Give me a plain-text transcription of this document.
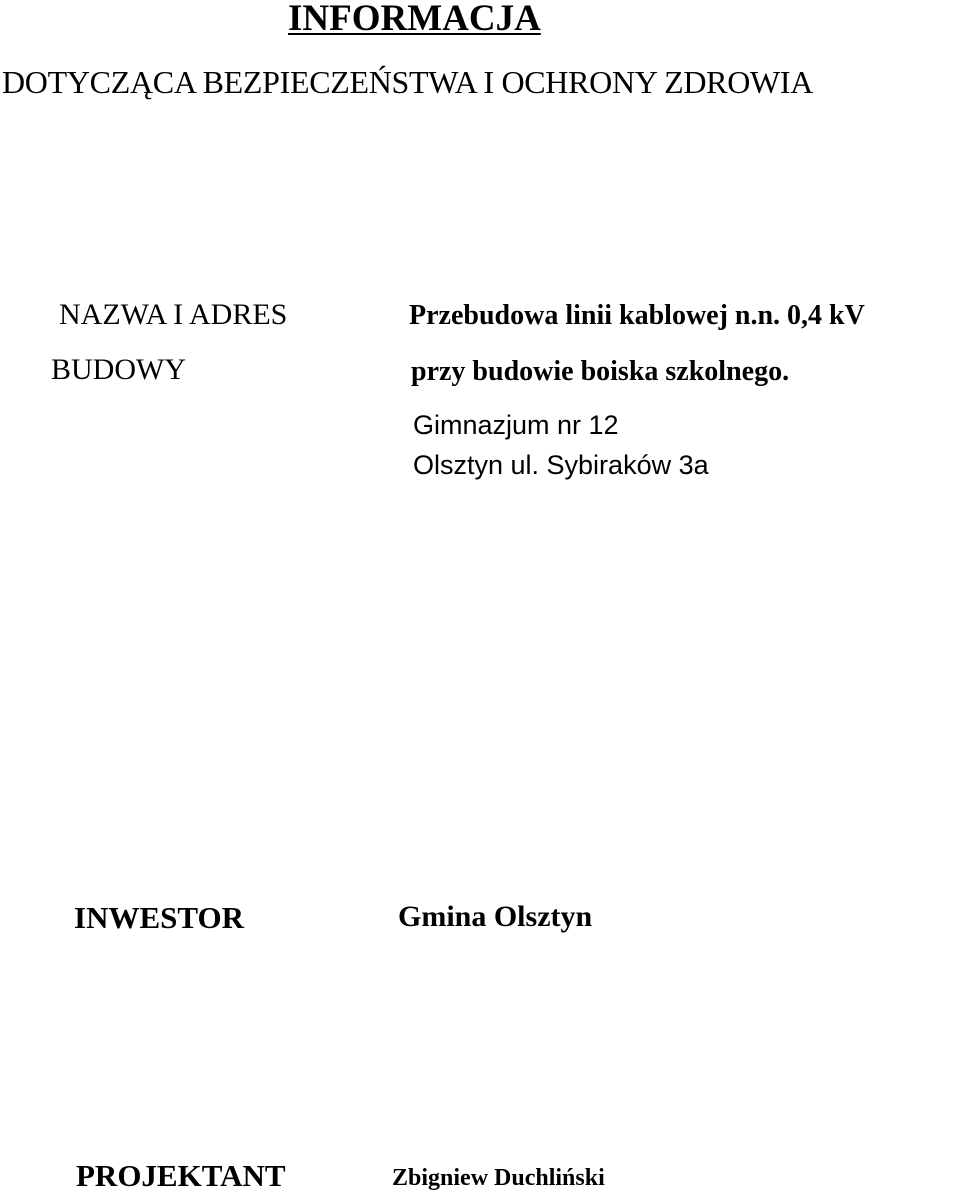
INFORMACJA
DOTYCZĄCA BEZPIECZEŃSTWA I OCHRONY ZDROWIA
NAZWA I ADRES
BUDOWY
Przebudowa linii kablowej n.n. 0,4 kV
przy budowie boiska szkolnego.
Gimnazjum nr 12
Olsztyn ul. Sybiraków 3a
INWESTOR	Gmina Olsztyn
PROJEKTANT	Zbigniew Duchliński
